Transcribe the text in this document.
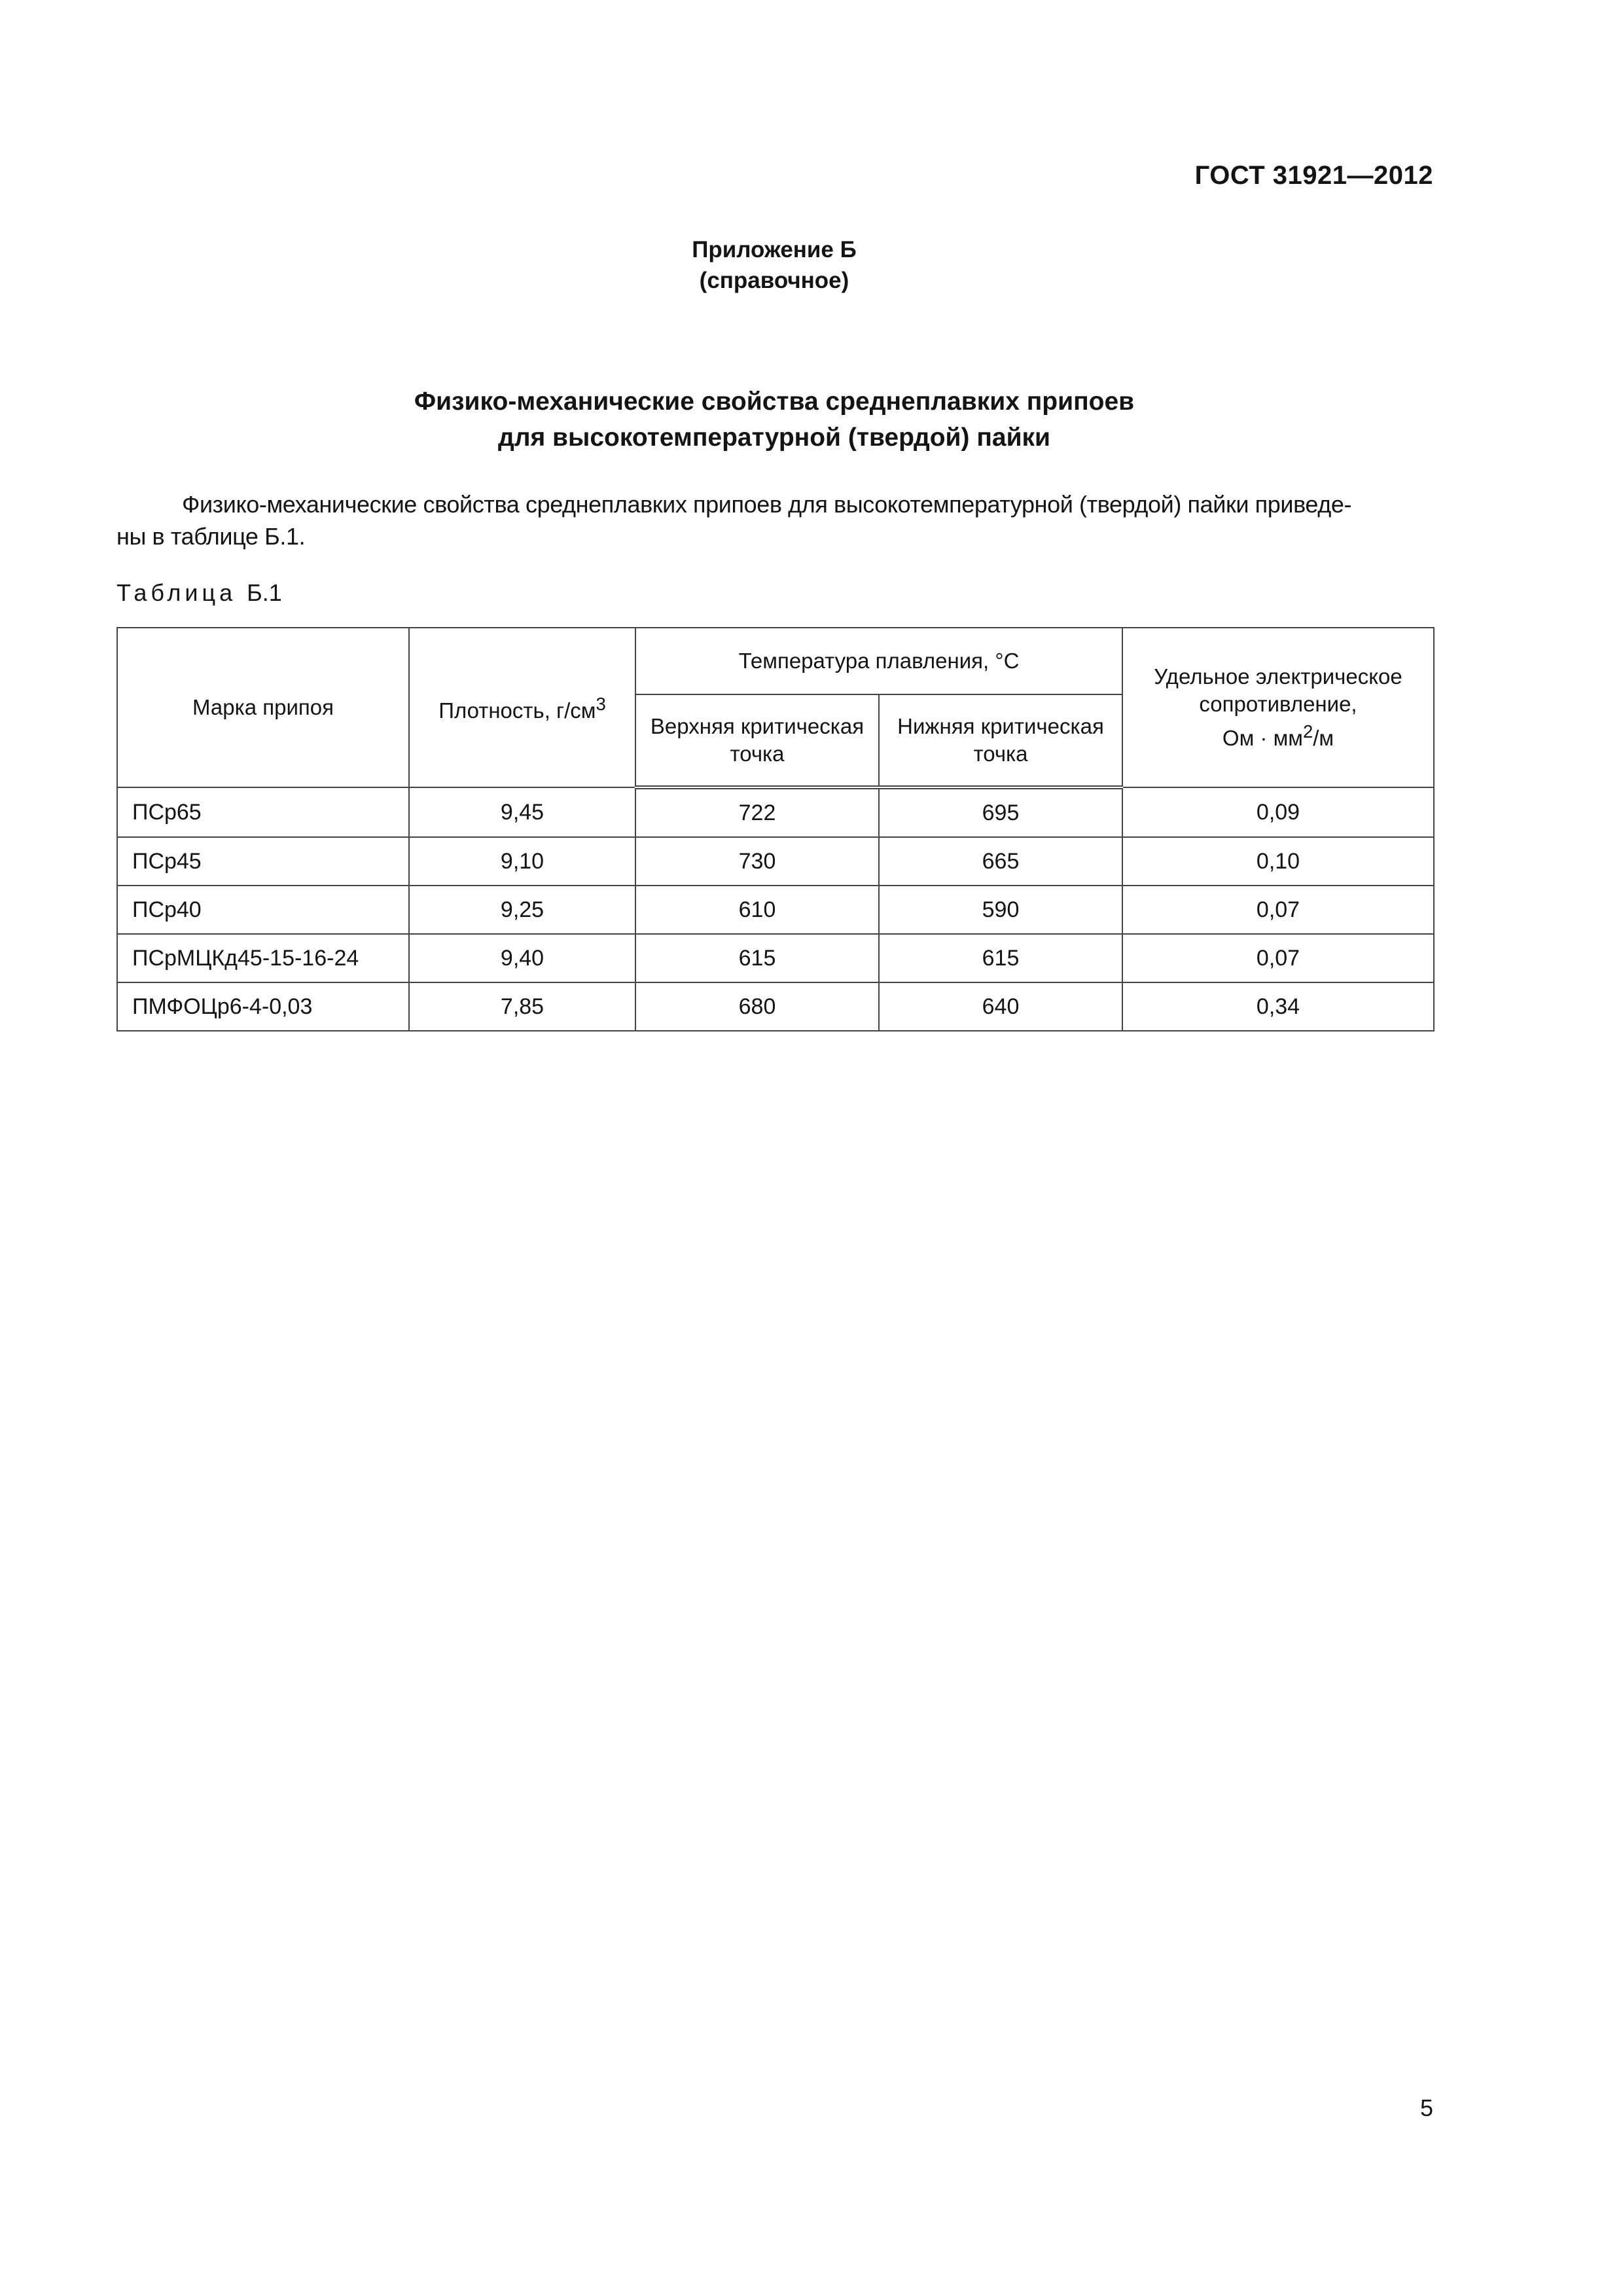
ГОСТ 31921—2012
Приложение Б
(справочное)
Физико-механические свойства среднеплавких припоев
для высокотемпературной (твердой) пайки
Физико-механические свойства среднеплавких припоев для высокотемпературной (твердой) пайки приведе-
ны в таблице Б.1.
Таблица Б.1
Марка припоя	Плотность, $г/см^3$	Температура плавления, °C		Удельное электрическое сопротивление,
Ом · $мм^2/м$
		Верхняя критическая точка	Нижняя критическая точка	
ПСр65	9,45	722	695	0,09
ПСр45	9,10	730	665	0,10
ПСр40	9,25	610	590	0,07
ПСрМЦКд45-15-16-24	9,40	615	615	0,07
ПМФОЦр6-4-0,03	7,85	680	640	0,34
5
